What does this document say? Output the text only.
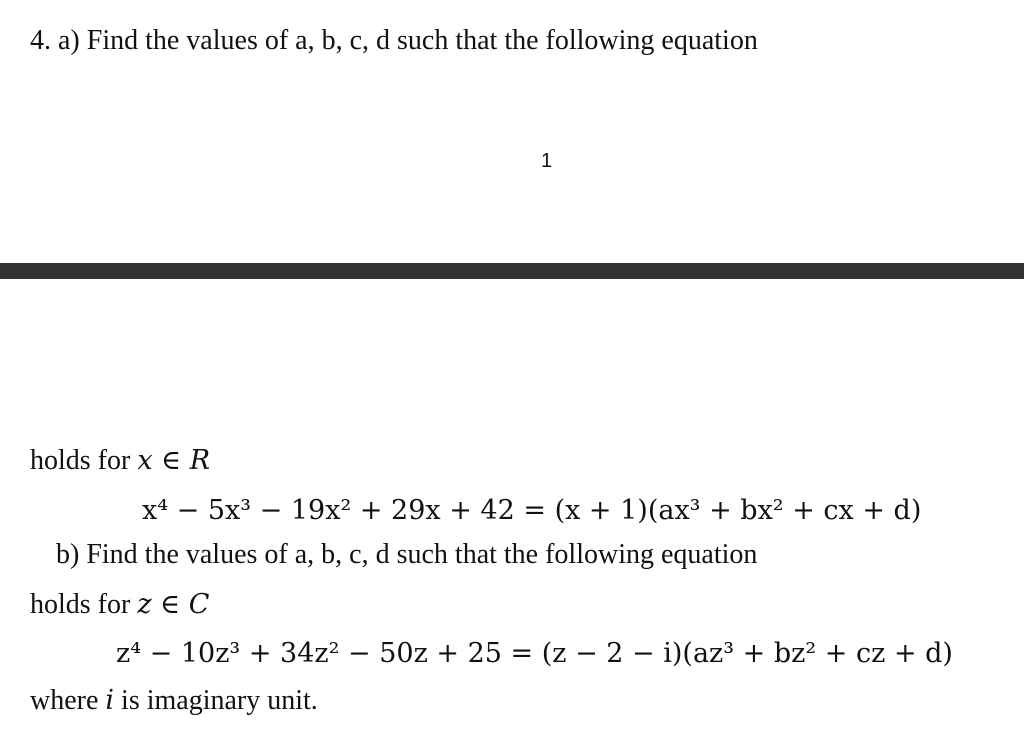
4. a) Find the values of a, b, c, d such that the following equation
1
holds for x ∈ R
x⁴ − 5x³ − 19x² + 29x + 42 = (x + 1)(ax³ + bx² + cx + d)
b) Find the values of a, b, c, d such that the following equation
holds for z ∈ C
z⁴ − 10z³ + 34z² − 50z + 25 = (z − 2 − i)(az³ + bz² + cz + d)
where i is imaginary unit.
